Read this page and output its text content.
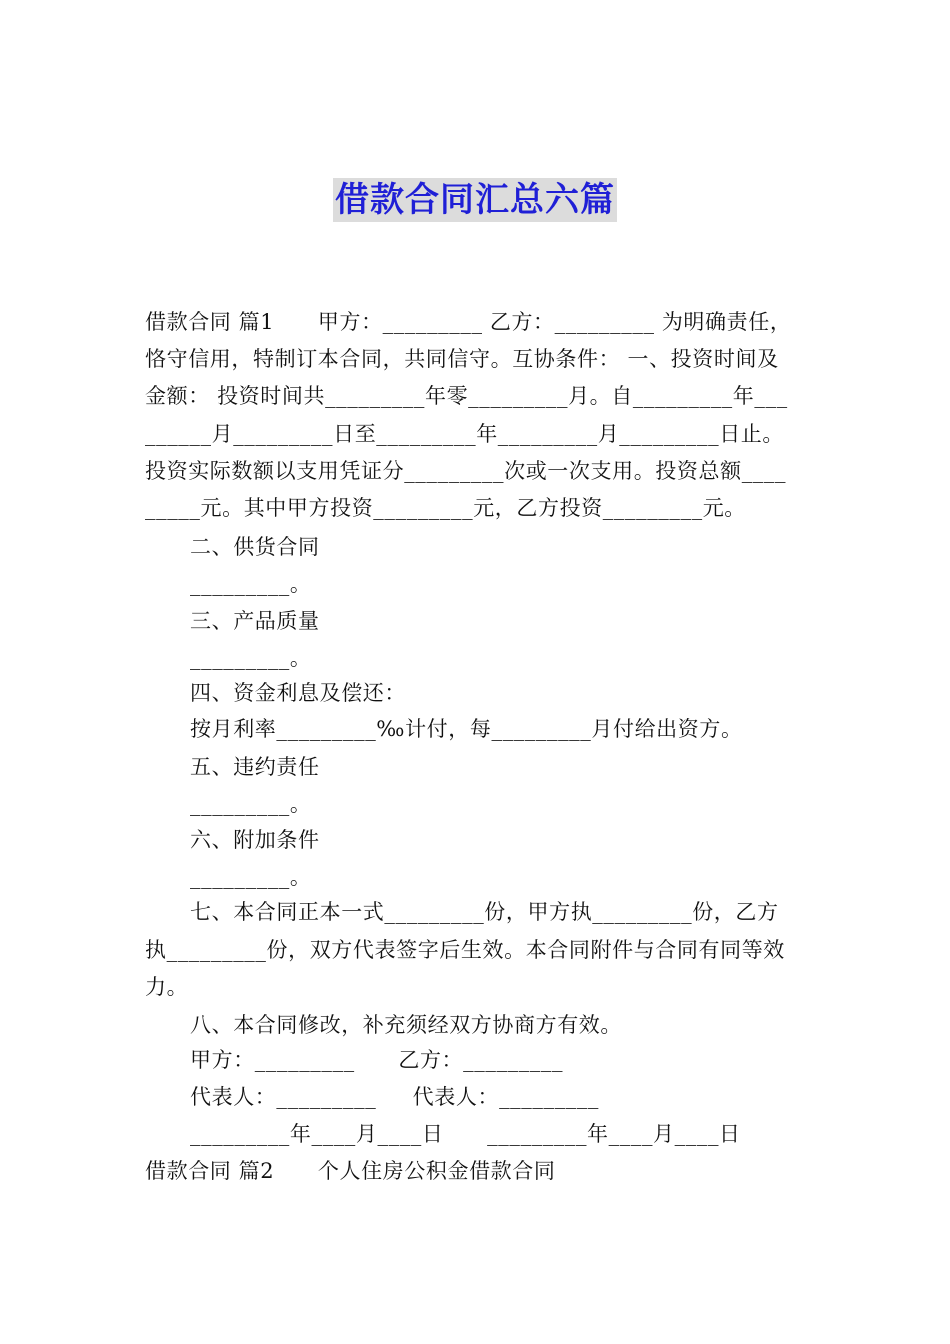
借款合同汇总六篇
借款合同 篇1      甲方：_________ 乙方：_________ 为明确责任，
恪守信用，特制订本合同，共同信守。互协条件： 一、投资时间及
金额： 投资时间共_________年零_________月。自_________年___
______月_________日至_________年_________月_________日止。
投资实际数额以支用凭证分_________次或一次支用。投资总额____
_____元。其中甲方投资_________元，乙方投资_________元。
二、供货合同
_________。
三、产品质量
_________。
四、资金利息及偿还：
按月利率_________‰计付，每_________月付给出资方。
五、违约责任
_________。
六、附加条件
_________。
七、本合同正本一式_________份，甲方执_________份，乙方
执_________份，双方代表签字后生效。本合同附件与合同有同等效
力。
八、本合同修改，补充须经双方协商方有效。
甲方：_________      乙方：_________
代表人：_________     代表人：_________
_________年____月____日      _________年____月____日
借款合同 篇2      个人住房公积金借款合同
